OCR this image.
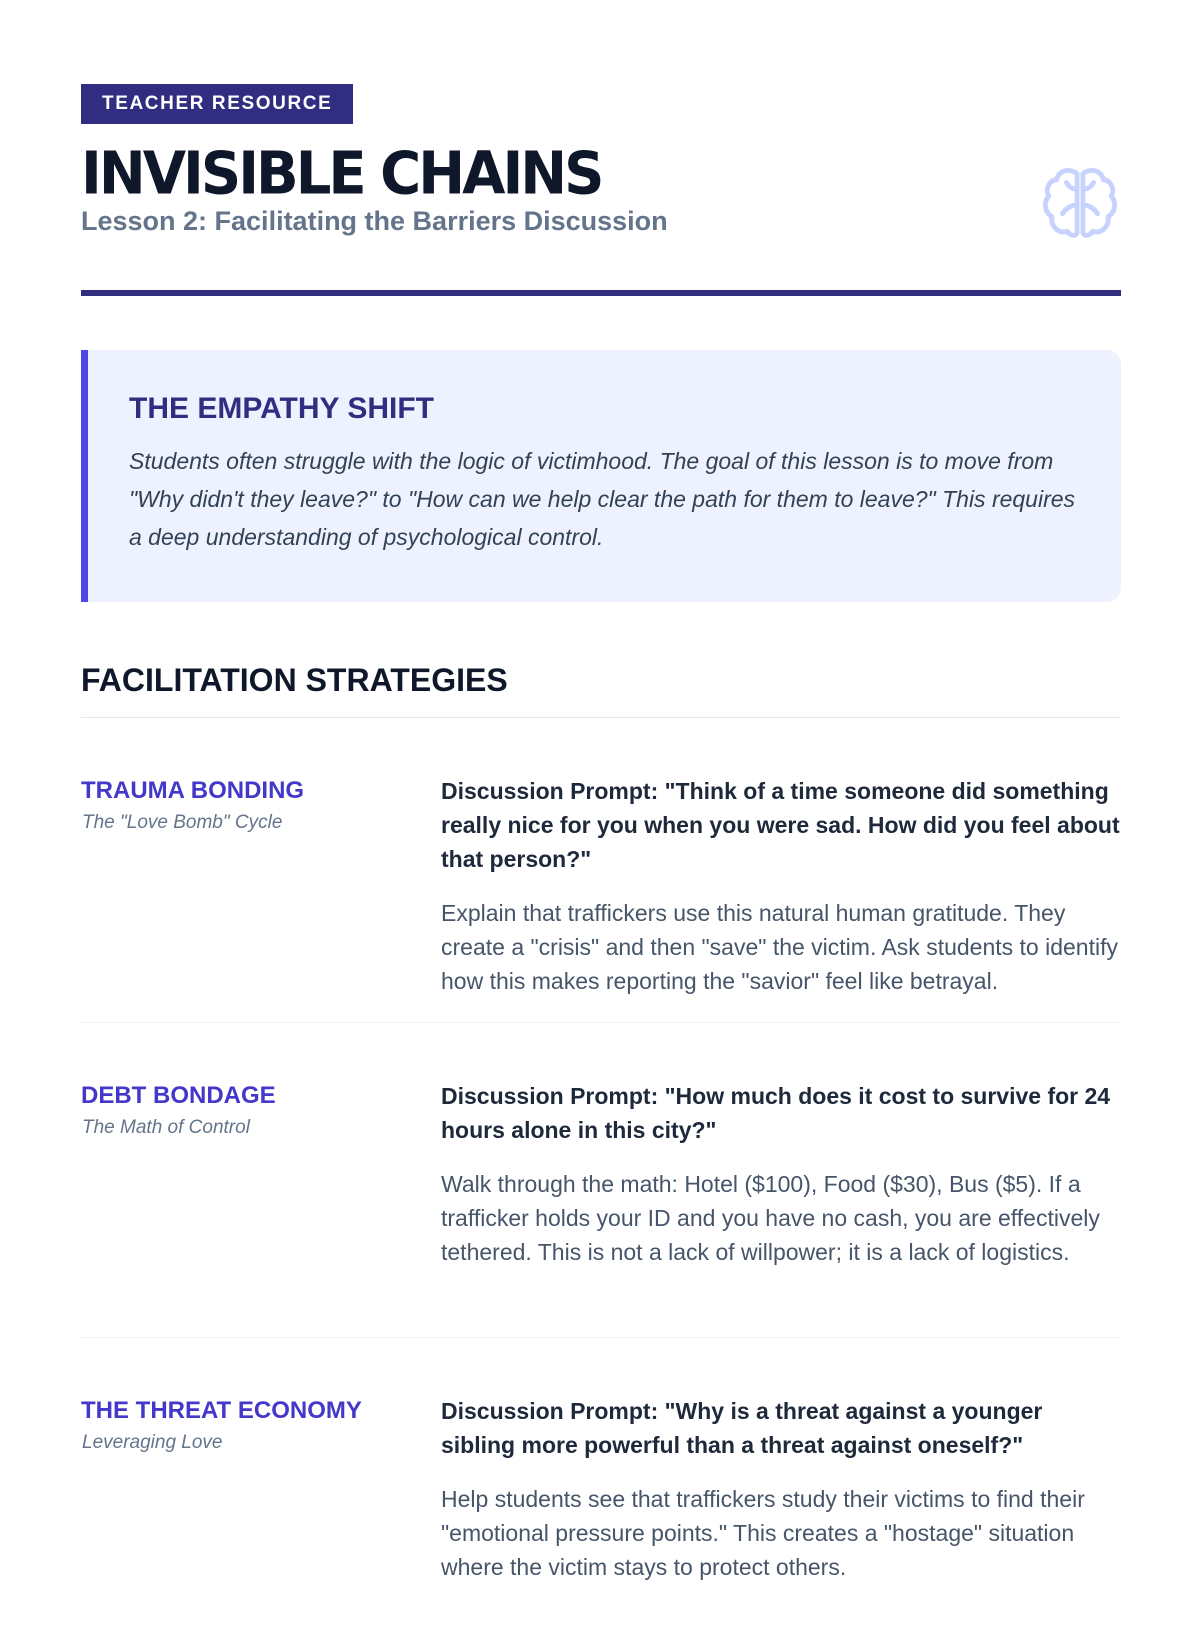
TEACHER RESOURCE
INVISIBLE CHAINS
Lesson 2: Facilitating the Barriers Discussion
THE EMPATHY SHIFT

Students often struggle with the logic of victimhood. The goal of this lesson is to move from "Why didn't they leave?" to "How can we help clear the path for them to leave?" This requires a deep understanding of psychological control.

FACILITATION STRATEGIES
TRAUMA BONDING
The "Love Bomb" Cycle

Discussion Prompt: "Think of a time someone did something really nice for you when you were sad. How did you feel about that person?"

Explain that traffickers use this natural human gratitude. They create a "crisis" and then "save" the victim. Ask students to identify how this makes reporting the "savior" feel like betrayal.

DEBT BONDAGE
The Math of Control

Discussion Prompt: "How much does it cost to survive for 24 hours alone in this city?"

Walk through the math: Hotel ($100), Food ($30), Bus ($5). If a trafficker holds your ID and you have no cash, you are effectively tethered. This is not a lack of willpower; it is a lack of logistics.

THE THREAT ECONOMY
Leveraging Love

Discussion Prompt: "Why is a threat against a younger sibling more powerful than a threat against oneself?"

Help students see that traffickers study their victims to find their "emotional pressure points." This creates a "hostage" situation where the victim stays to protect others.
